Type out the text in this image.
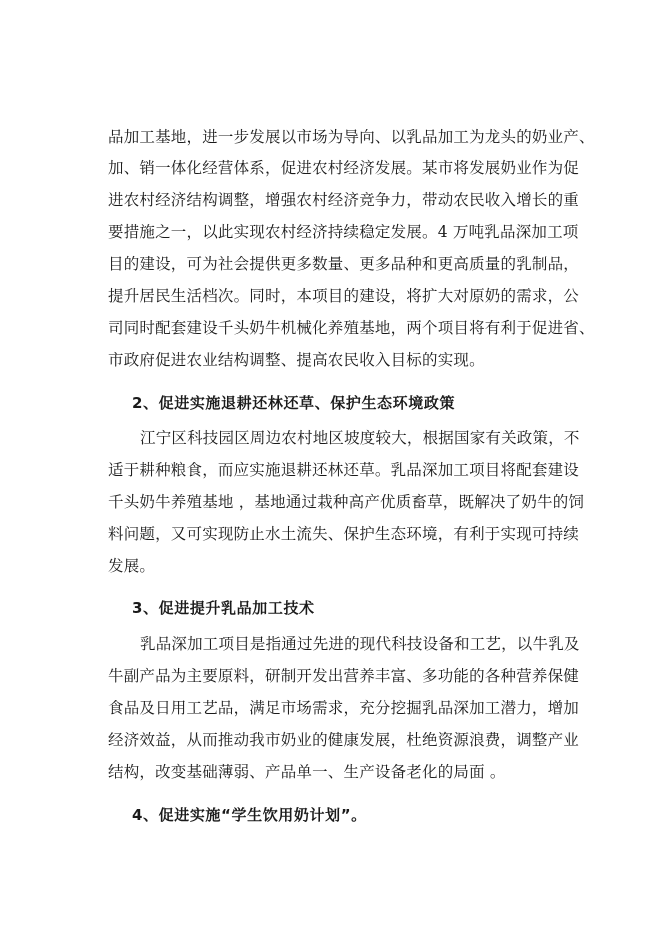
品加工基地，进一步发展以市场为导向、以乳品加工为龙头的奶业产、
加、销一体化经营体系，促进农村经济发展。某市将发展奶业作为促
进农村经济结构调整，增强农村经济竞争力，带动农民收入增长的重
要措施之一，以此实现农村经济持续稳定发展。4 万吨乳品深加工项
目的建设，可为社会提供更多数量、更多品种和更高质量的乳制品，
提升居民生活档次。同时，本项目的建设，将扩大对原奶的需求，公
司同时配套建设千头奶牛机械化养殖基地，两个项目将有利于促进省、
市政府促进农业结构调整、提高农民收入目标的实现。
2、促进实施退耕还林还草、保护生态环境政策
江宁区科技园区周边农村地区坡度较大，根据国家有关政策，不
适于耕种粮食，而应实施退耕还林还草。乳品深加工项目将配套建设
千头奶牛养殖基地 ，基地通过栽种高产优质畜草，既解决了奶牛的饲
料问题，又可实现防止水土流失、保护生态环境，有利于实现可持续
发展。
3、促进提升乳品加工技术
乳品深加工项目是指通过先进的现代科技设备和工艺，以牛乳及
牛副产品为主要原料，研制开发出营养丰富、多功能的各种营养保健
食品及日用工艺品，满足市场需求，充分挖掘乳品深加工潜力，增加
经济效益，从而推动我市奶业的健康发展，杜绝资源浪费，调整产业
结构，改变基础薄弱、产品单一、生产设备老化的局面 。
4、促进实施“学生饮用奶计划”。
